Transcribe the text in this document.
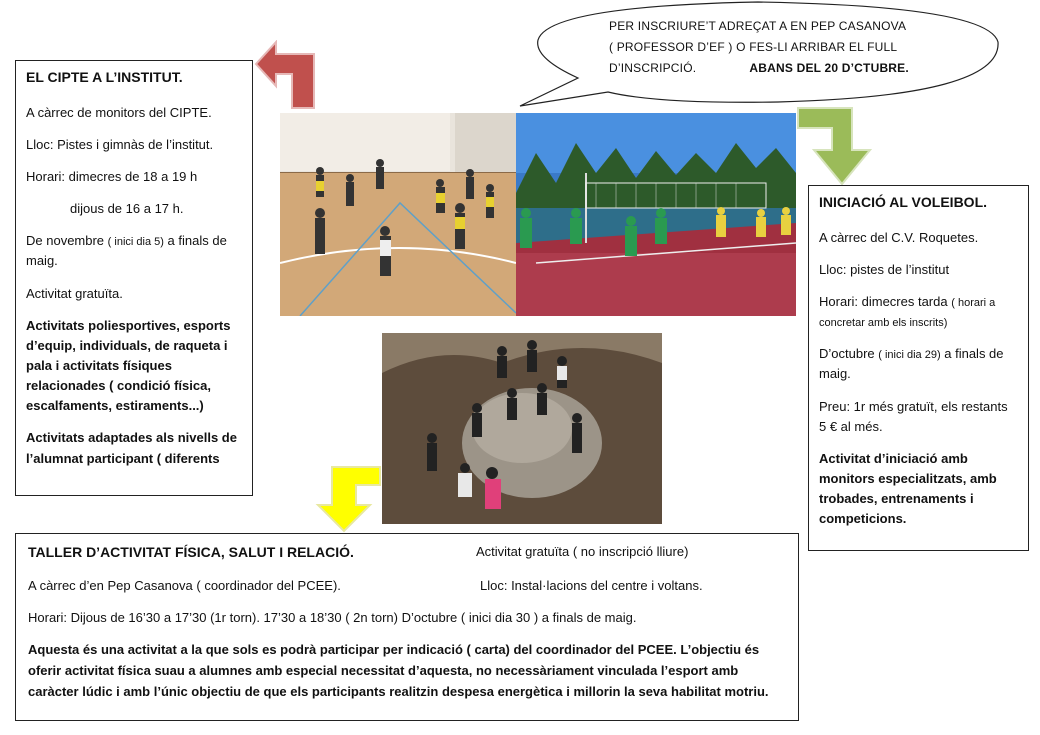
PER INSCRIURE’T ADREÇAT A EN PEP CASANOVA
( PROFESSOR D’EF ) O FES-LI ARRIBAR EL FULL
D’INSCRIPCIÓ.	ABANS DEL 20 D’CTUBRE.

EL CIPTE A L’INSTITUT.

A càrrec de monitors del CIPTE.

Lloc: Pistes i gimnàs de l’institut.

Horari: dimecres de 18 a 19 h

dijous de 16 a 17 h.

De novembre ( inici dia 5) a finals de maig.

Activitat gratuïta.

Activitats poliesportives, esports d’equip, individuals, de raqueta i pala i activitats físiques relacionades ( condició física, escalfaments, estiraments...)

Activitats adaptades als nivells de l’alumnat participant ( diferents

INICIACIÓ AL VOLEIBOL.

A càrrec del C.V. Roquetes.

Lloc: pistes de l’institut

Horari: dimecres tarda ( horari a concretar amb els inscrits)

D’octubre ( inici dia 29) a finals de maig.

Preu: 1r més gratuït, els restants 5 € al més.

Activitat d’iniciació amb monitors especialitzats, amb trobades, entrenaments i competicions.

TALLER D’ACTIVITAT FÍSICA, SALUT I RELACIÓ.	Activitat gratuïta ( no inscripció lliure)

A càrrec d’en Pep Casanova ( coordinador del PCEE).	Lloc: Instal·lacions del centre i voltans.

Horari: Dijous de 16’30 a 17’30 (1r torn). 17’30 a 18’30 ( 2n torn) D’octubre ( inici dia 30 ) a finals de maig.

Aquesta és una activitat a la que sols es podrà participar per indicació ( carta) del coordinador del PCEE. L’objectiu és oferir activitat física suau a alumnes amb especial necessitat d’aquesta, no necessàriament vinculada l’esport amb caràcter lúdic i amb l’únic objectiu de que els participants realitzin despesa energètica i millorin la seva habilitat motriu.
